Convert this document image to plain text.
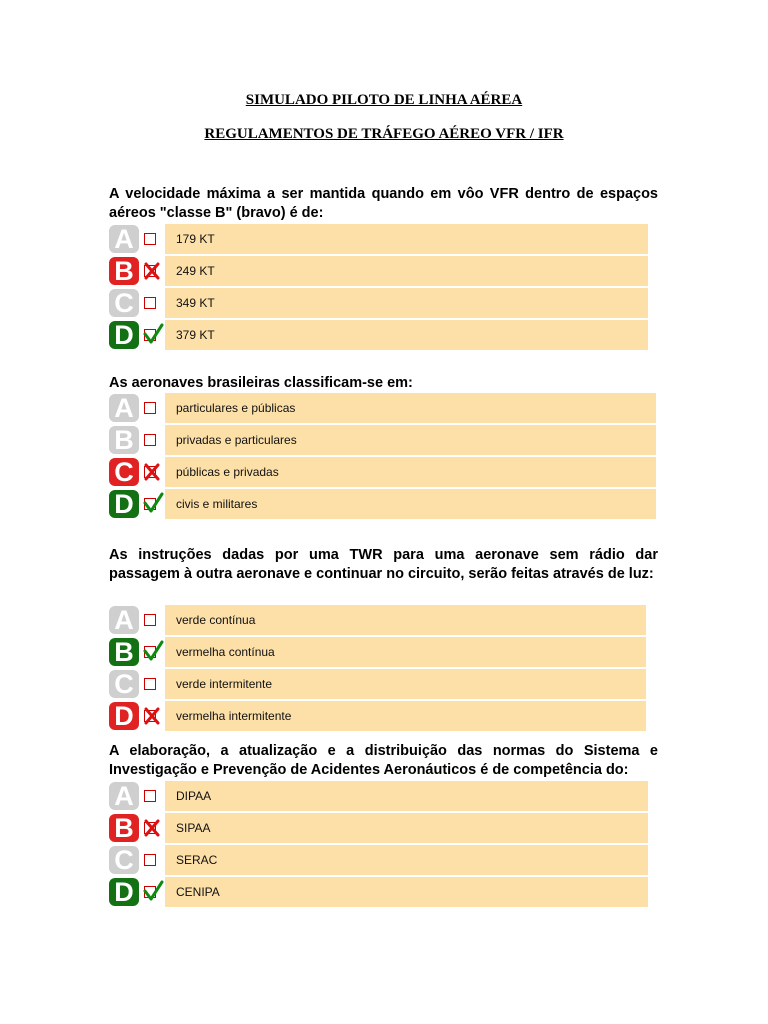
SIMULADO PILOTO DE LINHA AÉREA
REGULAMENTOS DE TRÁFEGO AÉREO VFR / IFR

A velocidade máxima a ser mantida quando em vôo VFR dentro de espaços aéreos "classe B" (bravo) é de:

A	179 KT
B	249 KT
C	349 KT
D	379 KT

As aeronaves brasileiras classificam-se em:

A	particulares e públicas
B	privadas e particulares
C	públicas e privadas
D	civis e militares

As instruções dadas por uma TWR para uma aeronave sem rádio dar passagem à outra aeronave e continuar no circuito, serão feitas através de luz:

A	verde contínua
B	vermelha contínua
C	verde intermitente
D	vermelha intermitente

A elaboração, a atualização e a distribuição das normas do Sistema e Investigação e Prevenção de Acidentes Aeronáuticos é de competência do:

A	DIPAA
B	SIPAA
C	SERAC
D	CENIPA
